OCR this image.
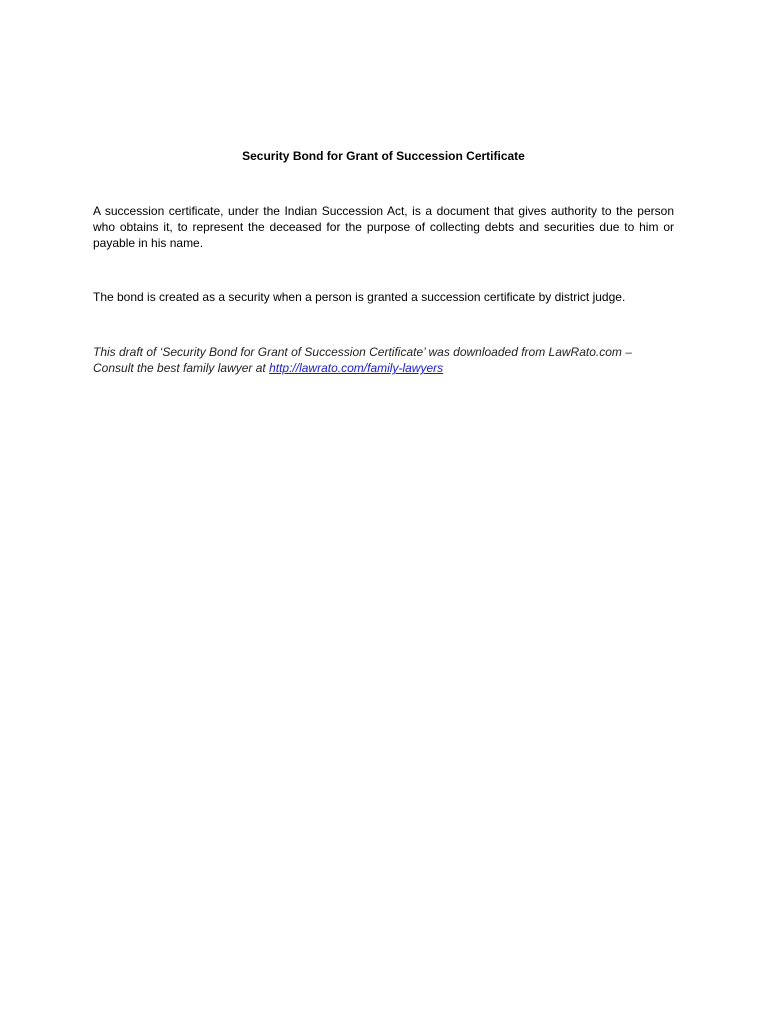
Security Bond for Grant of Succession Certificate

A succession certificate, under the Indian Succession Act, is a document that gives authority to the person who obtains it, to represent the deceased for the purpose of collecting debts and securities due to him or payable in his name.

The bond is created as a security when a person is granted a succession certificate by district judge.

This draft of ‘Security Bond for Grant of Succession Certificate’ was downloaded from LawRato.com – Consult the best family lawyer at http://lawrato.com/family-lawyers
